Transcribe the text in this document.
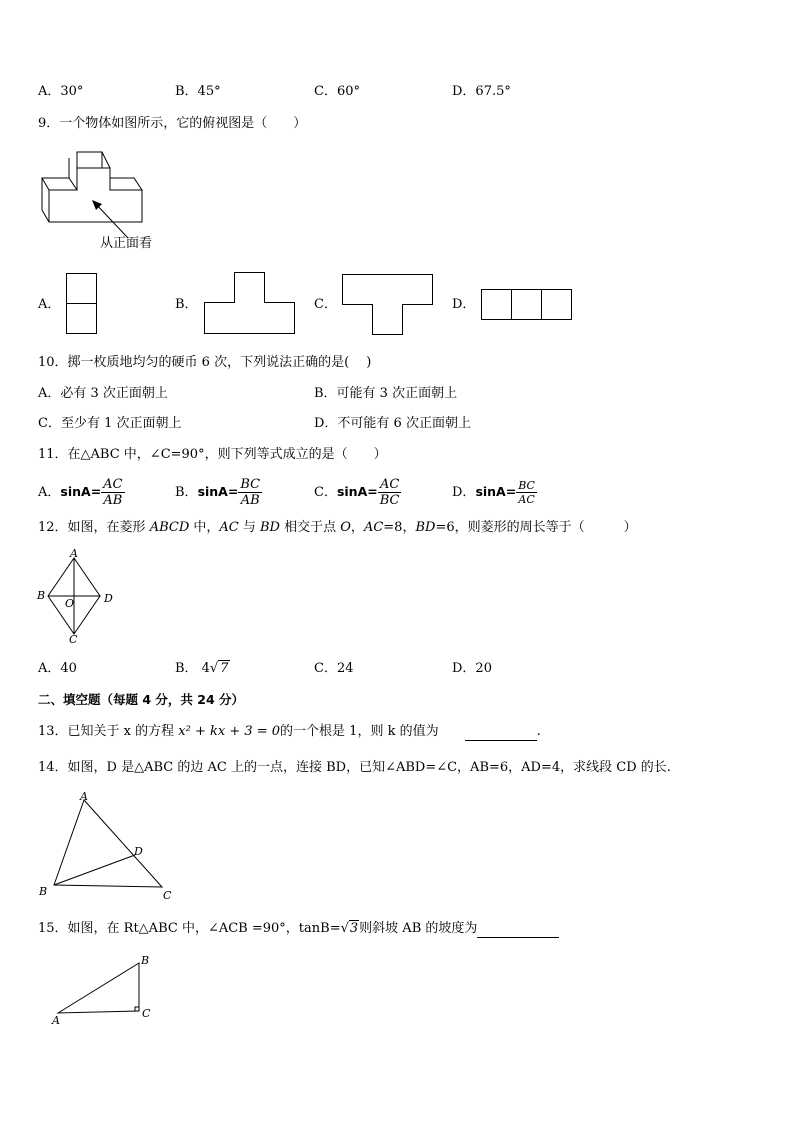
A．30°	B．45°	C．60°	D．67.5°
9．一个物体如图所示，它的俯视图是（　　）
从正面看
A．	B．	C．	D．
10．掷一枚质地均匀的硬币 6 次，下列说法正确的是(　 )
A．必有 3 次正面朝上	B．可能有 3 次正面朝上
C．至少有 1 次正面朝上	D．不可能有 6 次正面朝上
11．在△ABC 中，∠C=90°，则下列等式成立的是（　　）
A．$\sin A= \frac{AC}{AB}$	B．$\sin A= \frac{BC}{AB}$	C．$\sin A= \frac{AC}{BC}$	D．$\sin A= \frac{BC}{AC}$
12．如图，在菱形 ABCD 中，AC 与 BD 相交于点 O，AC=8，BD=6，则菱形的周长等于（　　　）
A
B
O	D
C
A．40	B． 4√ 7	C．24	D．20
二、填空题（每题 4 分，共 24 分）
13．已知关于 x 的方程 x² + kx + 3 = 0的一个根是 1，则 k 的值为	.
14．如图，D 是△ABC 的边 AC 上的一点，连接 BD，已知∠ABD=∠C，AB=6，AD=4，求线段 CD 的长.
A
B
D
C
15．如图，在 Rt△ABC 中，∠ACB =90°，tanB=√3则斜坡 AB 的坡度为
A
B
C
